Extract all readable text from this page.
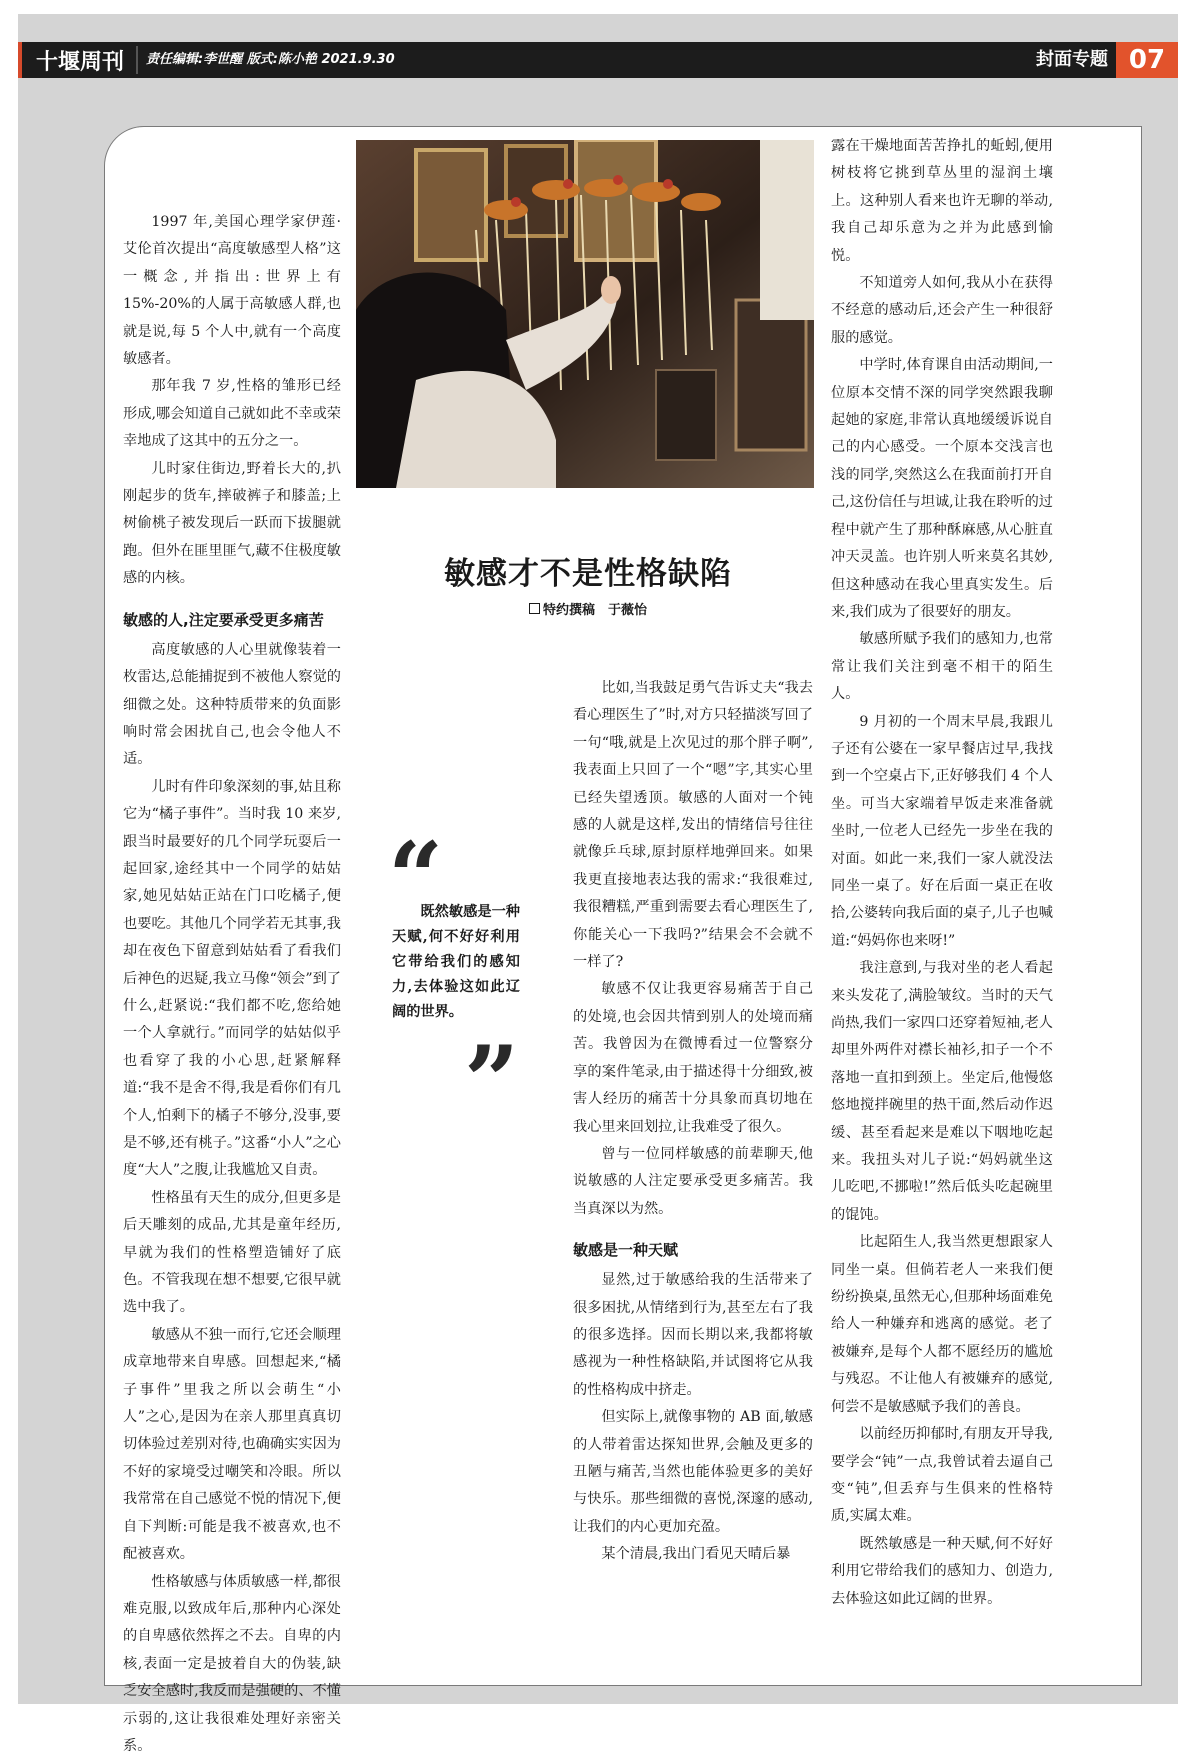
十堰周刊	责任编辑:李世醒 版式:陈小艳 2021.9.30	封面专题 07

1997 年,美国心理学家伊莲·艾伦首次提出“高度敏感型人格”这一概念,并指出:世界上有 15%-20%的人属于高敏感人群,也就是说,每 5 个人中,就有一个高度敏感者。

那年我 7 岁,性格的雏形已经形成,哪会知道自己就如此不幸或荣幸地成了这其中的五分之一。

儿时家住街边,野着长大的,扒刚起步的货车,摔破裤子和膝盖;上树偷桃子被发现后一跃而下拔腿就跑。但外在匪里匪气,藏不住极度敏感的内核。

敏感的人,注定要承受更多痛苦

高度敏感的人心里就像装着一枚雷达,总能捕捉到不被他人察觉的细微之处。这种特质带来的负面影响时常会困扰自己,也会令他人不适。

儿时有件印象深刻的事,姑且称它为“橘子事件”。当时我 10 来岁,跟当时最要好的几个同学玩耍后一起回家,途经其中一个同学的姑姑家,她见姑姑正站在门口吃橘子,便也要吃。其他几个同学若无其事,我却在夜色下留意到姑姑看了看我们后神色的迟疑,我立马像“领会”到了什么,赶紧说:“我们都不吃,您给她一个人拿就行。”而同学的姑姑似乎也看穿了我的小心思,赶紧解释道:“我不是舍不得,我是看你们有几个人,怕剩下的橘子不够分,没事,要是不够,还有桃子。”这番“小人”之心度“大人”之腹,让我尴尬又自责。

性格虽有天生的成分,但更多是后天雕刻的成品,尤其是童年经历,早就为我们的性格塑造铺好了底色。不管我现在想不想要,它很早就选中我了。

敏感从不独一而行,它还会顺理成章地带来自卑感。回想起来,“橘子事件”里我之所以会萌生“小人”之心,是因为在亲人那里真真切切体验过差别对待,也确确实实因为不好的家境受过嘲笑和冷眼。所以我常常在自己感觉不悦的情况下,便自下判断:可能是我不被喜欢,也不配被喜欢。

性格敏感与体质敏感一样,都很难克服,以致成年后,那种内心深处的自卑感依然挥之不去。自卑的内核,表面一定是披着自大的伪装,缺乏安全感时,我反而是强硬的、不懂示弱的,这让我很难处理好亲密关系。

比如,当我鼓足勇气告诉丈夫“我去看心理医生了”时,对方只轻描淡写回了一句“哦,就是上次见过的那个胖子啊”,我表面上只回了一个“嗯”字,其实心里已经失望透顶。敏感的人面对一个钝感的人就是这样,发出的情绪信号往往就像乒乓球,原封原样地弹回来。如果我更直接地表达我的需求:“我很难过,我很糟糕,严重到需要去看心理医生了,你能关心一下我吗?”结果会不会就不一样了?

敏感不仅让我更容易痛苦于自己的处境,也会因共情到别人的处境而痛苦。我曾因为在微博看过一位警察分享的案件笔录,由于描述得十分细致,被害人经历的痛苦十分具象而真切地在我心里来回划拉,让我难受了很久。

曾与一位同样敏感的前辈聊天,他说敏感的人注定要承受更多痛苦。我当真深以为然。

敏感是一种天赋

显然,过于敏感给我的生活带来了很多困扰,从情绪到行为,甚至左右了我的很多选择。因而长期以来,我都将敏感视为一种性格缺陷,并试图将它从我的性格构成中挤走。

但实际上,就像事物的 AB 面,敏感的人带着雷达探知世界,会触及更多的丑陋与痛苦,当然也能体验更多的美好与快乐。那些细微的喜悦,深邃的感动,让我们的内心更加充盈。

某个清晨,我出门看见天晴后暴

露在干燥地面苦苦挣扎的蚯蚓,便用树枝将它挑到草丛里的湿润土壤上。这种别人看来也许无聊的举动,我自己却乐意为之并为此感到愉悦。

不知道旁人如何,我从小在获得不经意的感动后,还会产生一种很舒服的感觉。

中学时,体育课自由活动期间,一位原本交情不深的同学突然跟我聊起她的家庭,非常认真地缓缓诉说自己的内心感受。一个原本交浅言也浅的同学,突然这么在我面前打开自己,这份信任与坦诚,让我在聆听的过程中就产生了那种酥麻感,从心脏直冲天灵盖。也许别人听来莫名其妙,但这种感动在我心里真实发生。后来,我们成为了很要好的朋友。

敏感所赋予我们的感知力,也常常让我们关注到毫不相干的陌生人。

9 月初的一个周末早晨,我跟儿子还有公婆在一家早餐店过早,我找到一个空桌占下,正好够我们 4 个人坐。可当大家端着早饭走来准备就坐时,一位老人已经先一步坐在我的对面。如此一来,我们一家人就没法同坐一桌了。好在后面一桌正在收拾,公婆转向我后面的桌子,儿子也喊道:“妈妈你也来呀!”

我注意到,与我对坐的老人看起来头发花了,满脸皱纹。当时的天气尚热,我们一家四口还穿着短袖,老人却里外两件对襟长袖衫,扣子一个不落地一直扣到颈上。坐定后,他慢悠悠地搅拌碗里的热干面,然后动作迟缓、甚至看起来是难以下咽地吃起来。我扭头对儿子说:“妈妈就坐这儿吃吧,不挪啦!”然后低头吃起碗里的馄饨。

比起陌生人,我当然更想跟家人同坐一桌。但倘若老人一来我们便纷纷换桌,虽然无心,但那种场面难免给人一种嫌弃和逃离的感觉。老了被嫌弃,是每个人都不愿经历的尴尬与残忍。不让他人有被嫌弃的感觉,何尝不是敏感赋予我们的善良。

以前经历抑郁时,有朋友开导我,要学会“钝”一点,我曾试着去逼自己变“钝”,但丢弃与生俱来的性格特质,实属太难。

既然敏感是一种天赋,何不好好利用它带给我们的感知力、创造力,去体验这如此辽阔的世界。

敏感才不是性格缺陷
特约撰稿　于薇怡
“
既然敏感是一种天赋,何不好好利用它带给我们的感知力,去体验这如此辽阔的世界。
”
